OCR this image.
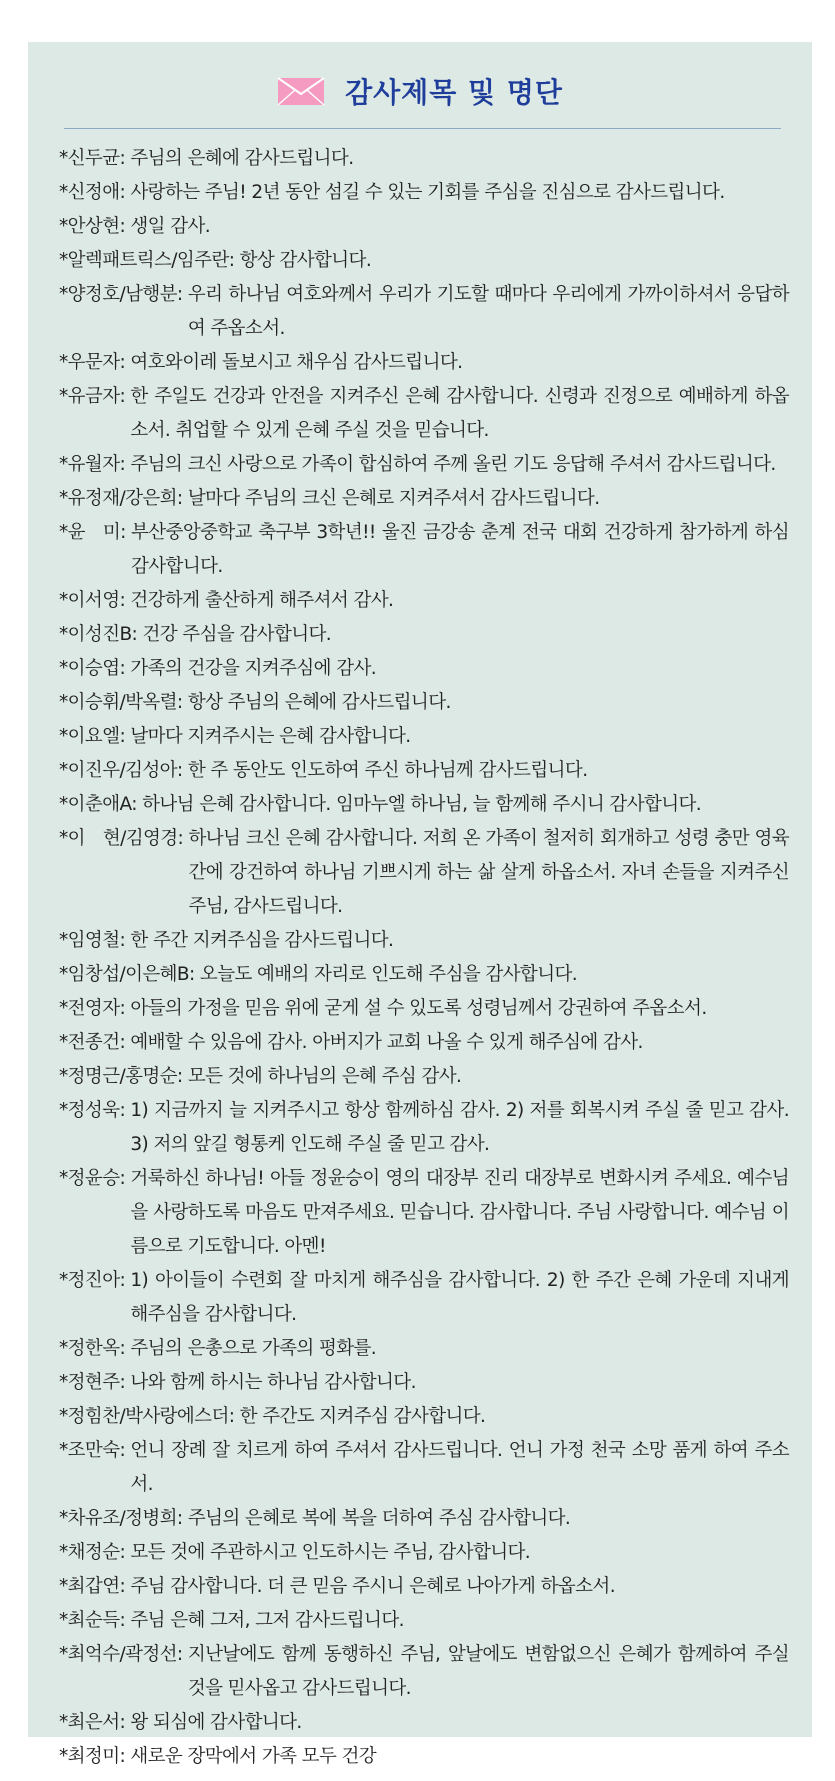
감사제목 및 명단
*신두균:
주님의 은혜에 감사드립니다.
*신정애:
사랑하는 주님! 2년 동안 섬길 수 있는 기회를 주심을 진심으로 감사드립니다.
*안상현:
생일 감사.
*알렉패트릭스/임주란:
항상 감사합니다.
*양정호/남행분:
우리 하나님 여호와께서 우리가 기도할 때마다 우리에게 가까이하셔서 응답하여 주옵소서.
*우문자:
여호와이레 돌보시고 채우심 감사드립니다.
*유금자:
한 주일도 건강과 안전을 지켜주신 은혜 감사합니다. 신령과 진정으로 예배하게 하옵소서. 취업할 수 있게 은혜 주실 것을 믿습니다.
*유월자:
주님의 크신 사랑으로 가족이 합심하여 주께 올린 기도 응답해 주셔서 감사드립니다.
*유정재/강은희:
날마다 주님의 크신 은혜로 지켜주셔서 감사드립니다.
*윤　미:
부산중앙중학교 축구부 3학년!! 울진 금강송 춘계 전국 대회 건강하게 참가하게 하심 감사합니다.
*이서영:
건강하게 출산하게 해주셔서 감사.
*이성진B:
건강 주심을 감사합니다.
*이승엽:
가족의 건강을 지켜주심에 감사.
*이승휘/박옥렬:
항상 주님의 은혜에 감사드립니다.
*이요엘:
날마다 지켜주시는 은혜 감사합니다.
*이진우/김성아:
한 주 동안도 인도하여 주신 하나님께 감사드립니다.
*이춘애A:
하나님 은혜 감사합니다. 임마누엘 하나님, 늘 함께해 주시니 감사합니다.
*이　현/김영경:
하나님 크신 은혜 감사합니다. 저희 온 가족이 철저히 회개하고 성령 충만 영육 간에 강건하여 하나님 기쁘시게 하는 삶 살게 하옵소서. 자녀 손들을 지켜주신 주님, 감사드립니다.
*임영철:
한 주간 지켜주심을 감사드립니다.
*임창섭/이은혜B:
오늘도 예배의 자리로 인도해 주심을 감사합니다.
*전영자:
아들의 가정을 믿음 위에 굳게 설 수 있도록 성령님께서 강권하여 주옵소서.
*전종건:
예배할 수 있음에 감사. 아버지가 교회 나올 수 있게 해주심에 감사.
*정명근/홍명순:
모든 것에 하나님의 은혜 주심 감사.
*정성욱:
1) 지금까지 늘 지켜주시고 항상 함께하심 감사. 2) 저를 회복시켜 주실 줄 믿고 감사. 3) 저의 앞길 형통케 인도해 주실 줄 믿고 감사.
*정윤승:
거룩하신 하나님! 아들 정윤승이 영의 대장부 진리 대장부로 변화시켜 주세요. 예수님을 사랑하도록 마음도 만져주세요. 믿습니다. 감사합니다. 주님 사랑합니다. 예수님 이름으로 기도합니다. 아멘!
*정진아:
1) 아이들이 수련회 잘 마치게 해주심을 감사합니다. 2) 한 주간 은혜 가운데 지내게 해주심을 감사합니다.
*정한옥:
주님의 은총으로 가족의 평화를.
*정현주:
나와 함께 하시는 하나님 감사합니다.
*정힘찬/박사랑에스더:
한 주간도 지켜주심 감사합니다.
*조만숙:
언니 장례 잘 치르게 하여 주셔서 감사드립니다. 언니 가정 천국 소망 품게 하여 주소서.
*차유조/정병희:
주님의 은혜로 복에 복을 더하여 주심 감사합니다.
*채정순:
모든 것에 주관하시고 인도하시는 주님, 감사합니다.
*최갑연:
주님 감사합니다. 더 큰 믿음 주시니 은혜로 나아가게 하옵소서.
*최순득:
주님 은혜 그저, 그저 감사드립니다.
*최억수/곽정선:
지난날에도 함께 동행하신 주님, 앞날에도 변함없으신 은혜가 함께하여 주실 것을 믿사옵고 감사드립니다.
*최은서:
왕 되심에 감사합니다.
*최정미:
새로운 장막에서 가족 모두 건강
